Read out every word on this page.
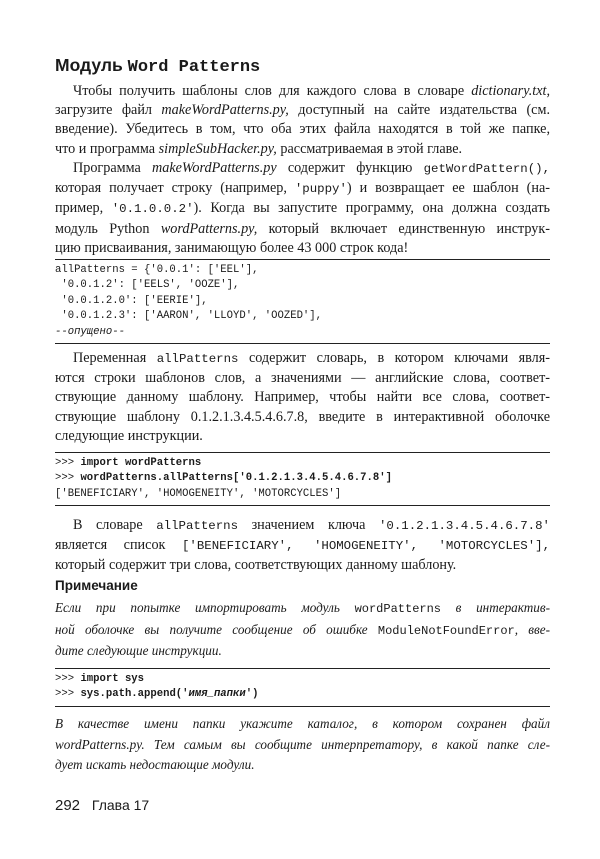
Модуль Word Patterns

Чтобы получить шаблоны слов для каждого слова в словаре dictionary.txt,
загрузите файл makeWordPatterns.py, доступный на сайте издательства (см.
введение). Убедитесь в том, что оба этих файла находятся в той же папке,
что и программа simpleSubHacker.py, рассматриваемая в этой главе.

Программа makeWordPatterns.py содержит функцию getWordPattern(),
которая получает строку (например, 'puppy') и возвращает ее шаблон (на-
пример, '0.1.0.0.2'). Когда вы запустите программу, она должна создать
модуль Python wordPatterns.py, который включает единственную инструк-
цию присваивания, занимающую более 43 000 строк кода!

allPatterns = {'0.0.1': ['EEL'],
'0.0.1.2': ['EELS', 'OOZE'],
'0.0.1.2.0': ['EERIE'],
'0.0.1.2.3': ['AARON', 'LLOYD', 'OOZED'],
--опущено--

Переменная allPatterns содержит словарь, в котором ключами явля-
ются строки шаблонов слов, а значениями — английские слова, соответ-
ствующие данному шаблону. Например, чтобы найти все слова, соответ-
ствующие шаблону 0.1.2.1.3.4.5.4.6.7.8, введите в интерактивной оболочке
следующие инструкции.

>>> import wordPatterns
>>> wordPatterns.allPatterns['0.1.2.1.3.4.5.4.6.7.8']
['BENEFICIARY', 'HOMOGENEITY', 'MOTORCYCLES']

В словаре allPatterns значением ключа '0.1.2.1.3.4.5.4.6.7.8'
является список ['BENEFICIARY', 'HOMOGENEITY', 'MOTORCYCLES'],
который содержит три слова, соответствующих данному шаблону.

Примечание

Если при попытке импортировать модуль wordPatterns в интерактив-
ной оболочке вы получите сообщение об ошибке ModuleNotFoundError, вве-
дите следующие инструкции.

>>> import sys
>>> sys.path.append('имя_папки')

В качестве имени папки укажите каталог, в котором сохранен файл
wordPatterns.py. Тем самым вы сообщите интерпретатору, в какой папке сле-
дует искать недостающие модули.

292 Глава 17
